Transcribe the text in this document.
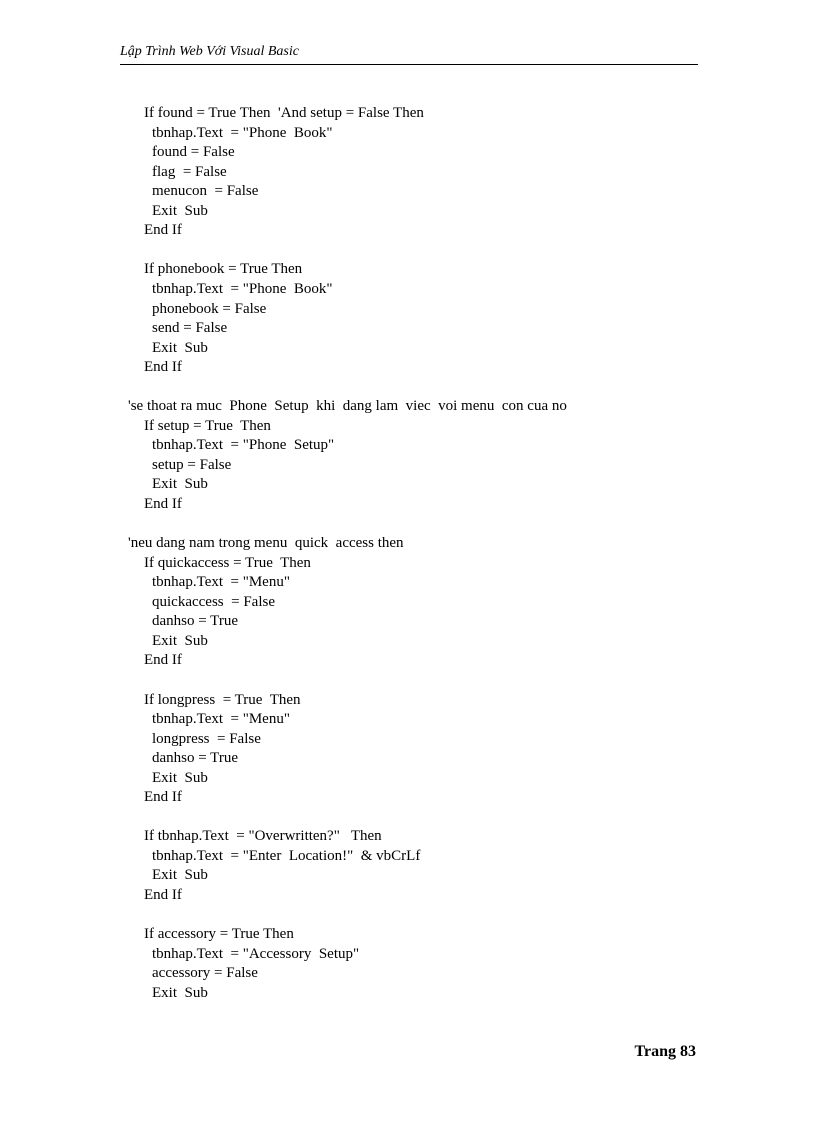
Lập Trình Web Với Visual Basic
If found = True Then  'And setup = False Then
tbnhap.Text  = "Phone  Book"
found = False
flag  = False
menucon  = False
Exit  Sub
End If
If phonebook = True Then
tbnhap.Text  = "Phone  Book"
phonebook = False
send = False
Exit  Sub
End If
'se thoat ra muc  Phone  Setup  khi  dang lam  viec  voi menu  con cua no
If setup = True  Then
tbnhap.Text  = "Phone  Setup"
setup = False
Exit  Sub
End If
'neu dang nam trong menu  quick  access then
If quickaccess = True  Then
tbnhap.Text  = "Menu"
quickaccess  = False
danhso = True
Exit  Sub
End If
If longpress  = True  Then
tbnhap.Text  = "Menu"
longpress  = False
danhso = True
Exit  Sub
End If
If tbnhap.Text  = "Overwritten?"   Then
tbnhap.Text  = "Enter  Location!"  & vbCrLf
Exit  Sub
End If
If accessory = True Then
tbnhap.Text  = "Accessory  Setup"
accessory = False
Exit  Sub
Trang 83
